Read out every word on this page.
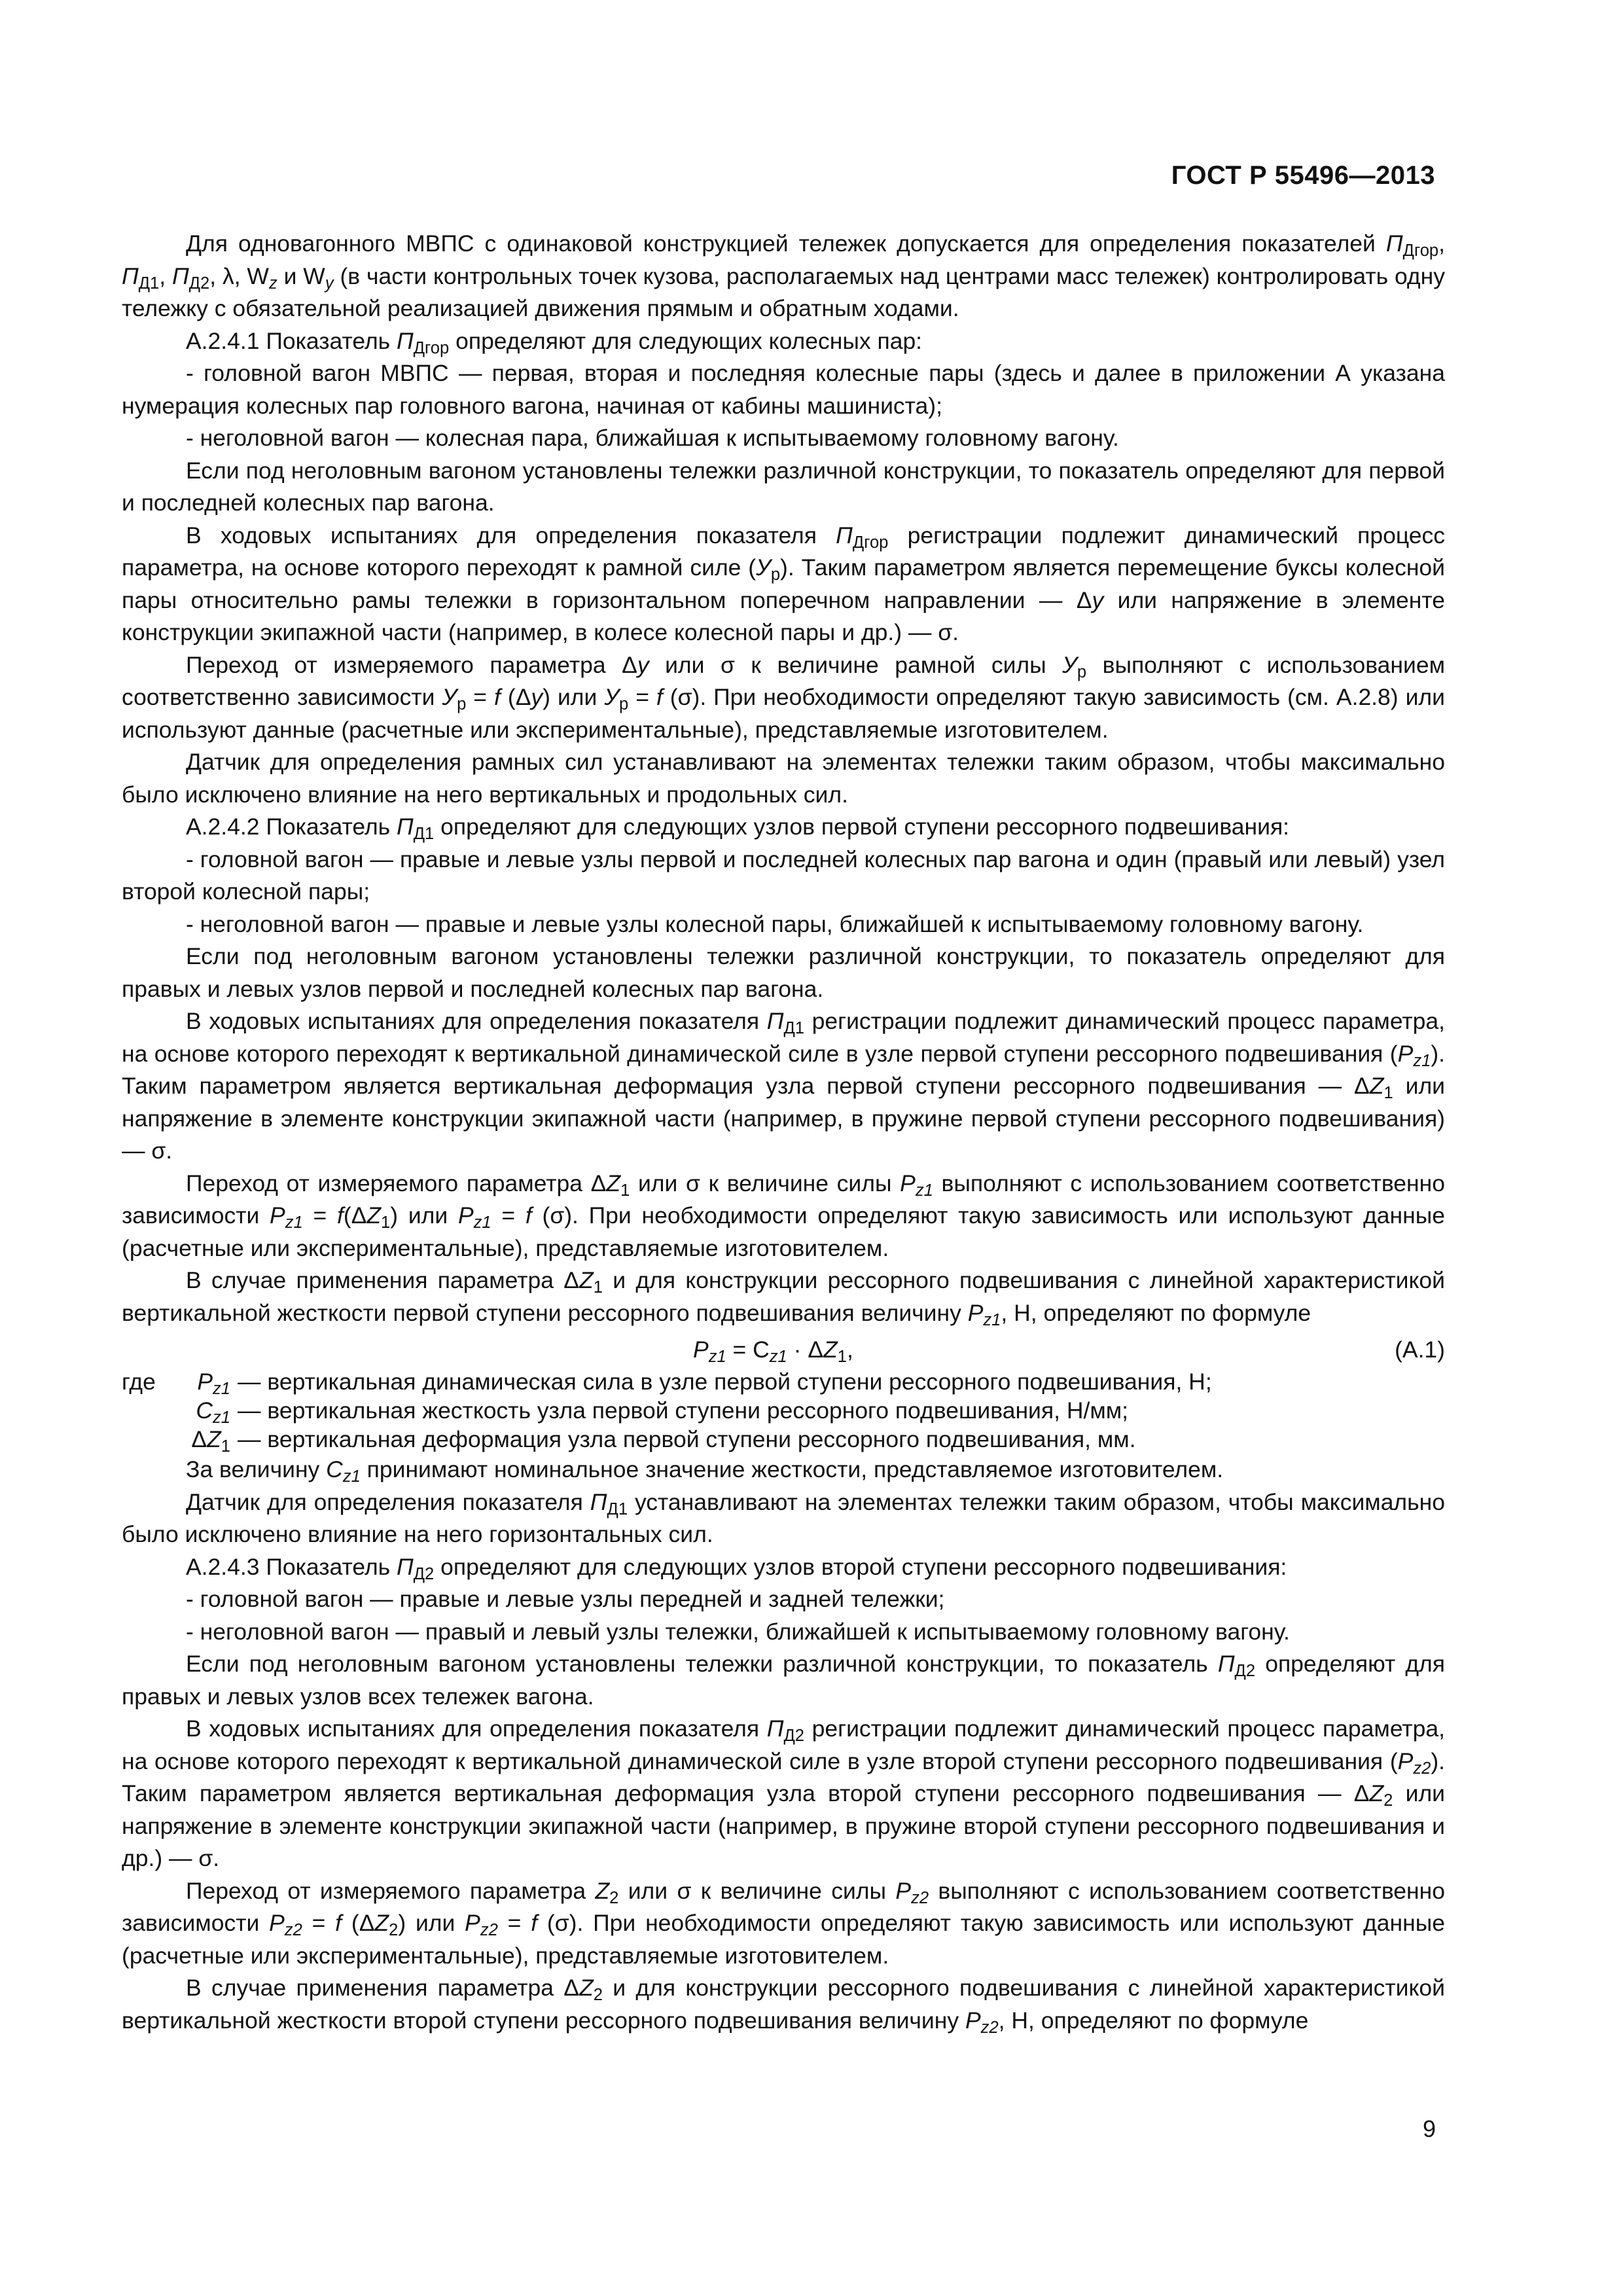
ГОСТ Р 55496—2013

Для одновагонного МВПС с одинаковой конструкцией тележек допускается для определения показателей $П_{Дгор}$, $П_{Д1}$, $П_{Д2}$, λ, $W_z$ и $W_y$ (в части контрольных точек кузова, располагаемых над центрами масс тележек) контролировать одну тележку с обязательной реализацией движения прямым и обратным ходами.

А.2.4.1 Показатель $П_{Дгор}$ определяют для следующих колесных пар:

- головной вагон МВПС — первая, вторая и последняя колесные пары (здесь и далее в приложении А указана нумерация колесных пар головного вагона, начиная от кабины машиниста);

- неголовной вагон — колесная пара, ближайшая к испытываемому головному вагону.

Если под неголовным вагоном установлены тележки различной конструкции, то показатель определяют для первой и последней колесных пар вагона.

В ходовых испытаниях для определения показателя $П_{Дгор}$ регистрации подлежит динамический процесс параметра, на основе которого переходят к рамной силе $(У_р)$. Таким параметром является перемещение буксы колесной пары относительно рамы тележки в горизонтальном поперечном направлении — Δy или напряжение в элементе конструкции экипажной части (например, в колесе колесной пары и др.) — σ.

Переход от измеряемого параметра Δy или σ к величине рамной силы $У_р$ выполняют с использованием соответственно зависимости $У_р = f$ (Δy) или $У_р = f$ (σ). При необходимости определяют такую зависимость (см. А.2.8) или используют данные (расчетные или экспериментальные), представляемые изготовителем.

Датчик для определения рамных сил устанавливают на элементах тележки таким образом, чтобы максимально было исключено влияние на него вертикальных и продольных сил.

А.2.4.2 Показатель $П_{Д1}$ определяют для следующих узлов первой ступени рессорного подвешивания:

- головной вагон — правые и левые узлы первой и последней колесных пар вагона и один (правый или левый) узел второй колесной пары;

- неголовной вагон — правые и левые узлы колесной пары, ближайшей к испытываемому головному вагону.

Если под неголовным вагоном установлены тележки различной конструкции, то показатель определяют для правых и левых узлов первой и последней колесных пар вагона.

В ходовых испытаниях для определения показателя $П_{Д1}$ регистрации подлежит динамический процесс параметра, на основе которого переходят к вертикальной динамической силе в узле первой ступени рессорного подвешивания $(P_{z1})$. Таким параметром является вертикальная деформация узла первой ступени рессорного подвешивания — $\Delta Z_1$ или напряжение в элементе конструкции экипажной части (например, в пружине первой ступени рессорного подвешивания) — σ.

Переход от измеряемого параметра $\Delta Z_1$ или σ к величине силы $P_{z1}$ выполняют с использованием соответственно зависимости $P_{z1} = f(\Delta Z_1)$ или $P_{z1} = f$ (σ). При необходимости определяют такую зависимость или используют данные (расчетные или экспериментальные), представляемые изготовителем.

В случае применения параметра $\Delta Z_1$ и для конструкции рессорного подвешивания с линейной характеристикой вертикальной жесткости первой ступени рессорного подвешивания величину $P_{z1}$, Н, определяют по формуле

$P_{z1} = C_{z1} \cdot \Delta Z_1$,	(A.1)
где $P_{z1}$ — вертикальная динамическая сила в узле первой ступени рессорного подвешивания, Н;
$C_{z1}$ — вертикальная жесткость узла первой ступени рессорного подвешивания, Н/мм;
$\Delta Z_1$ — вертикальная деформация узла первой ступени рессорного подвешивания, мм.

За величину $C_{z1}$ принимают номинальное значение жесткости, представляемое изготовителем.

Датчик для определения показателя $П_{Д1}$ устанавливают на элементах тележки таким образом, чтобы максимально было исключено влияние на него горизонтальных сил.

А.2.4.3 Показатель $П_{Д2}$ определяют для следующих узлов второй ступени рессорного подвешивания:

- головной вагон — правые и левые узлы передней и задней тележки;

- неголовной вагон — правый и левый узлы тележки, ближайшей к испытываемому головному вагону.

Если под неголовным вагоном установлены тележки различной конструкции, то показатель $П_{Д2}$ определяют для правых и левых узлов всех тележек вагона.

В ходовых испытаниях для определения показателя $П_{Д2}$ регистрации подлежит динамический процесс параметра, на основе которого переходят к вертикальной динамической силе в узле второй ступени рессорного подвешивания $(P_{z2})$. Таким параметром является вертикальная деформация узла второй ступени рессорного подвешивания — $\Delta Z_2$ или напряжение в элементе конструкции экипажной части (например, в пружине второй ступени рессорного подвешивания и др.) — σ.

Переход от измеряемого параметра $Z_2$ или σ к величине силы $P_{z2}$ выполняют с использованием соответственно зависимости $P_{z2} = f$ $(\Delta Z_2)$ или $P_{z2} = f$ (σ). При необходимости определяют такую зависимость или используют данные (расчетные или экспериментальные), представляемые изготовителем.

В случае применения параметра $\Delta Z_2$ и для конструкции рессорного подвешивания с линейной характеристикой вертикальной жесткости второй ступени рессорного подвешивания величину $P_{z2}$, Н, определяют по формуле

9
